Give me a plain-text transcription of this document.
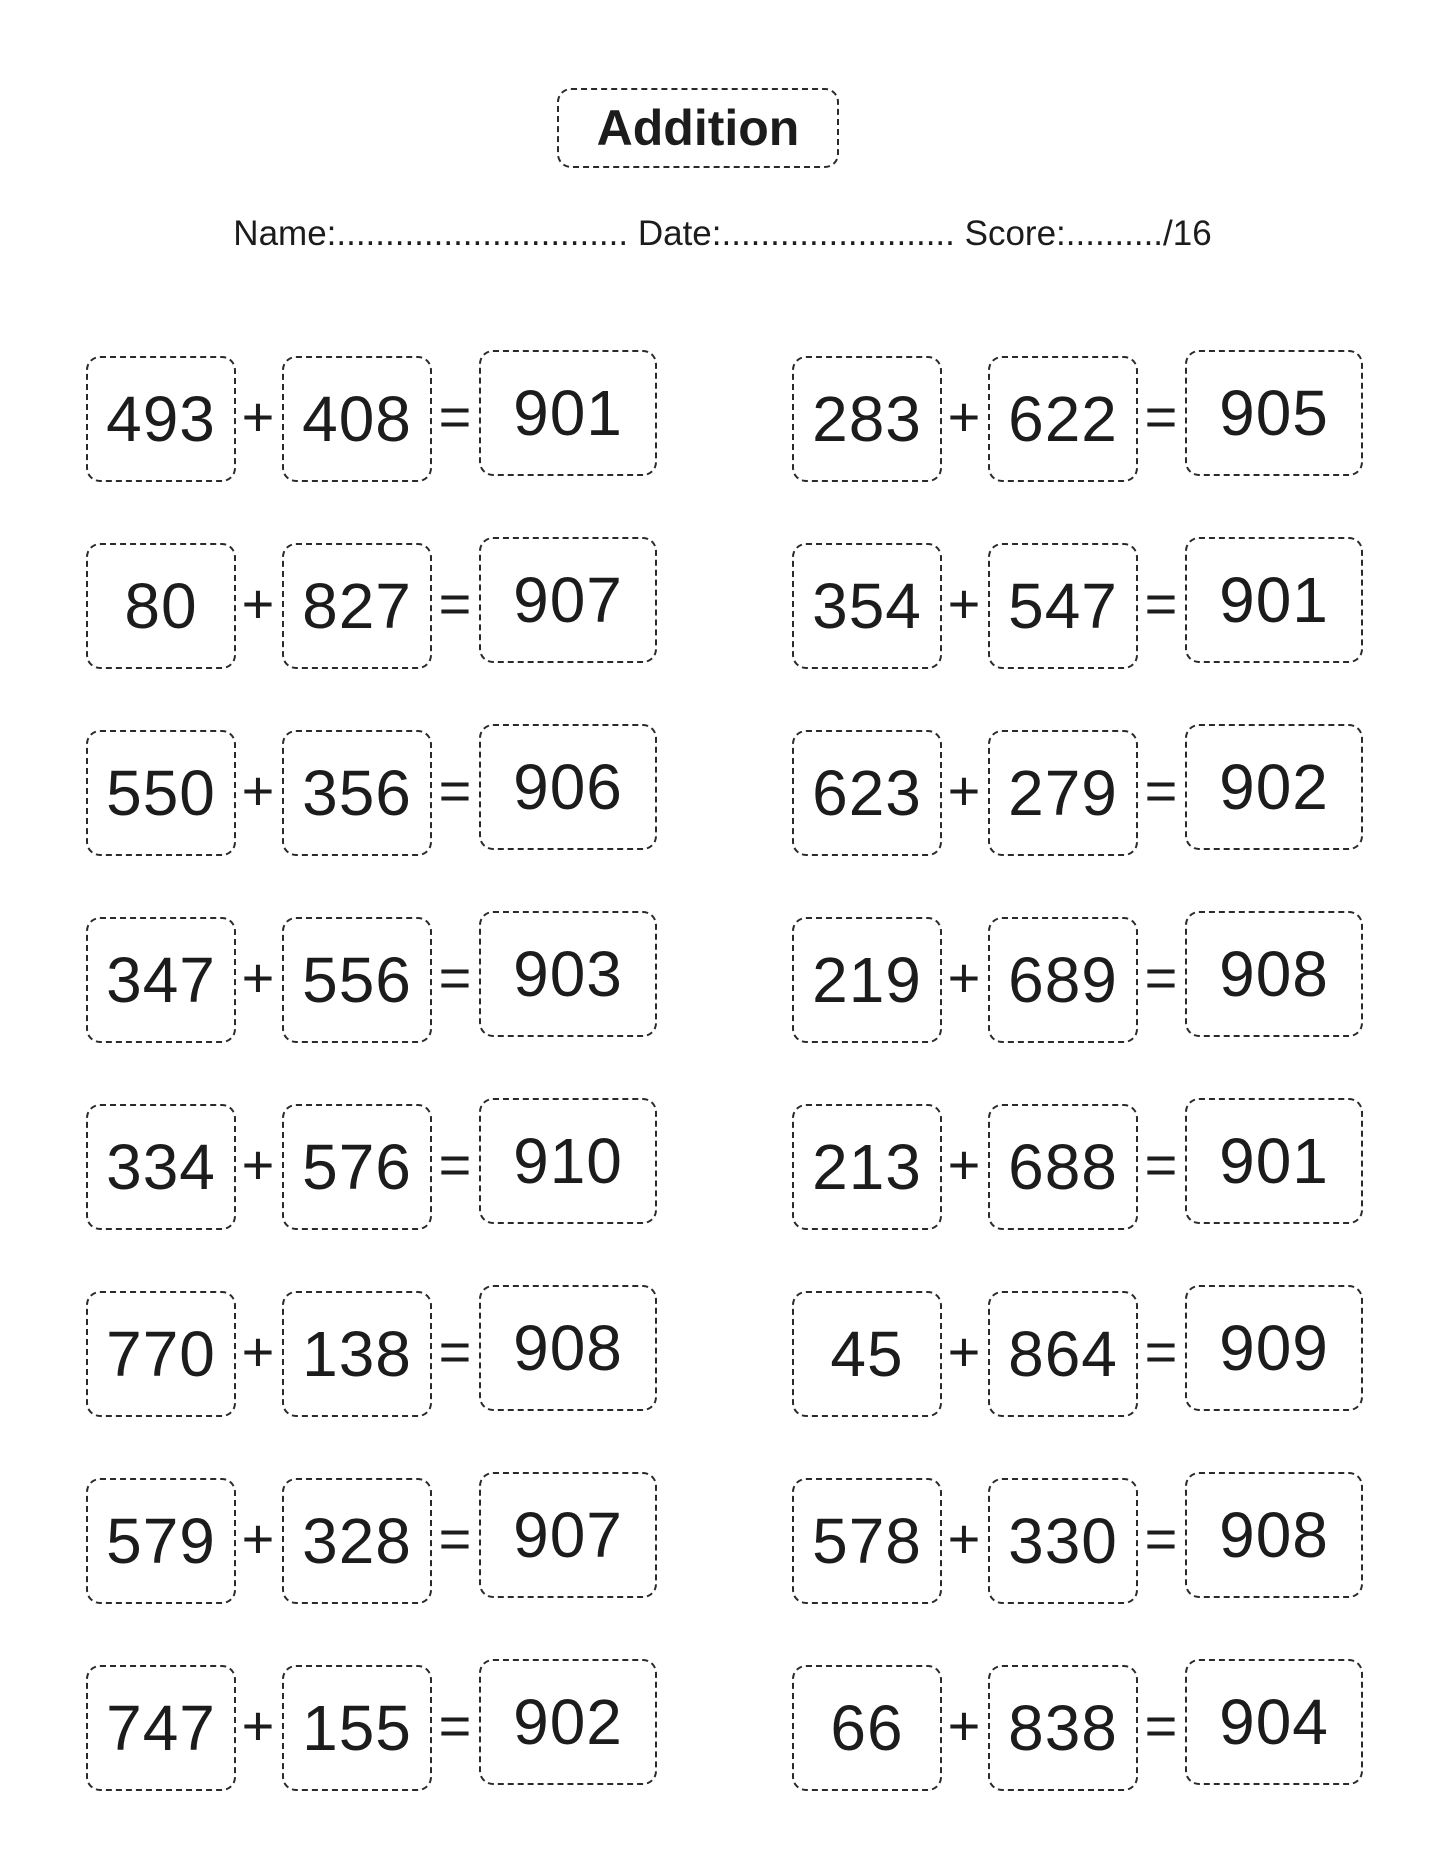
Addition
Name:..............................
Date:........................
Score:........../16
493 + 408 = 901	283 + 622 = 905
80 + 827 = 907	354 + 547 = 901
550 + 356 = 906	623 + 279 = 902
347 + 556 = 903	219 + 689 = 908
334 + 576 = 910	213 + 688 = 901
770 + 138 = 908	45 + 864 = 909
579 + 328 = 907	578 + 330 = 908
747 + 155 = 902	66 + 838 = 904
